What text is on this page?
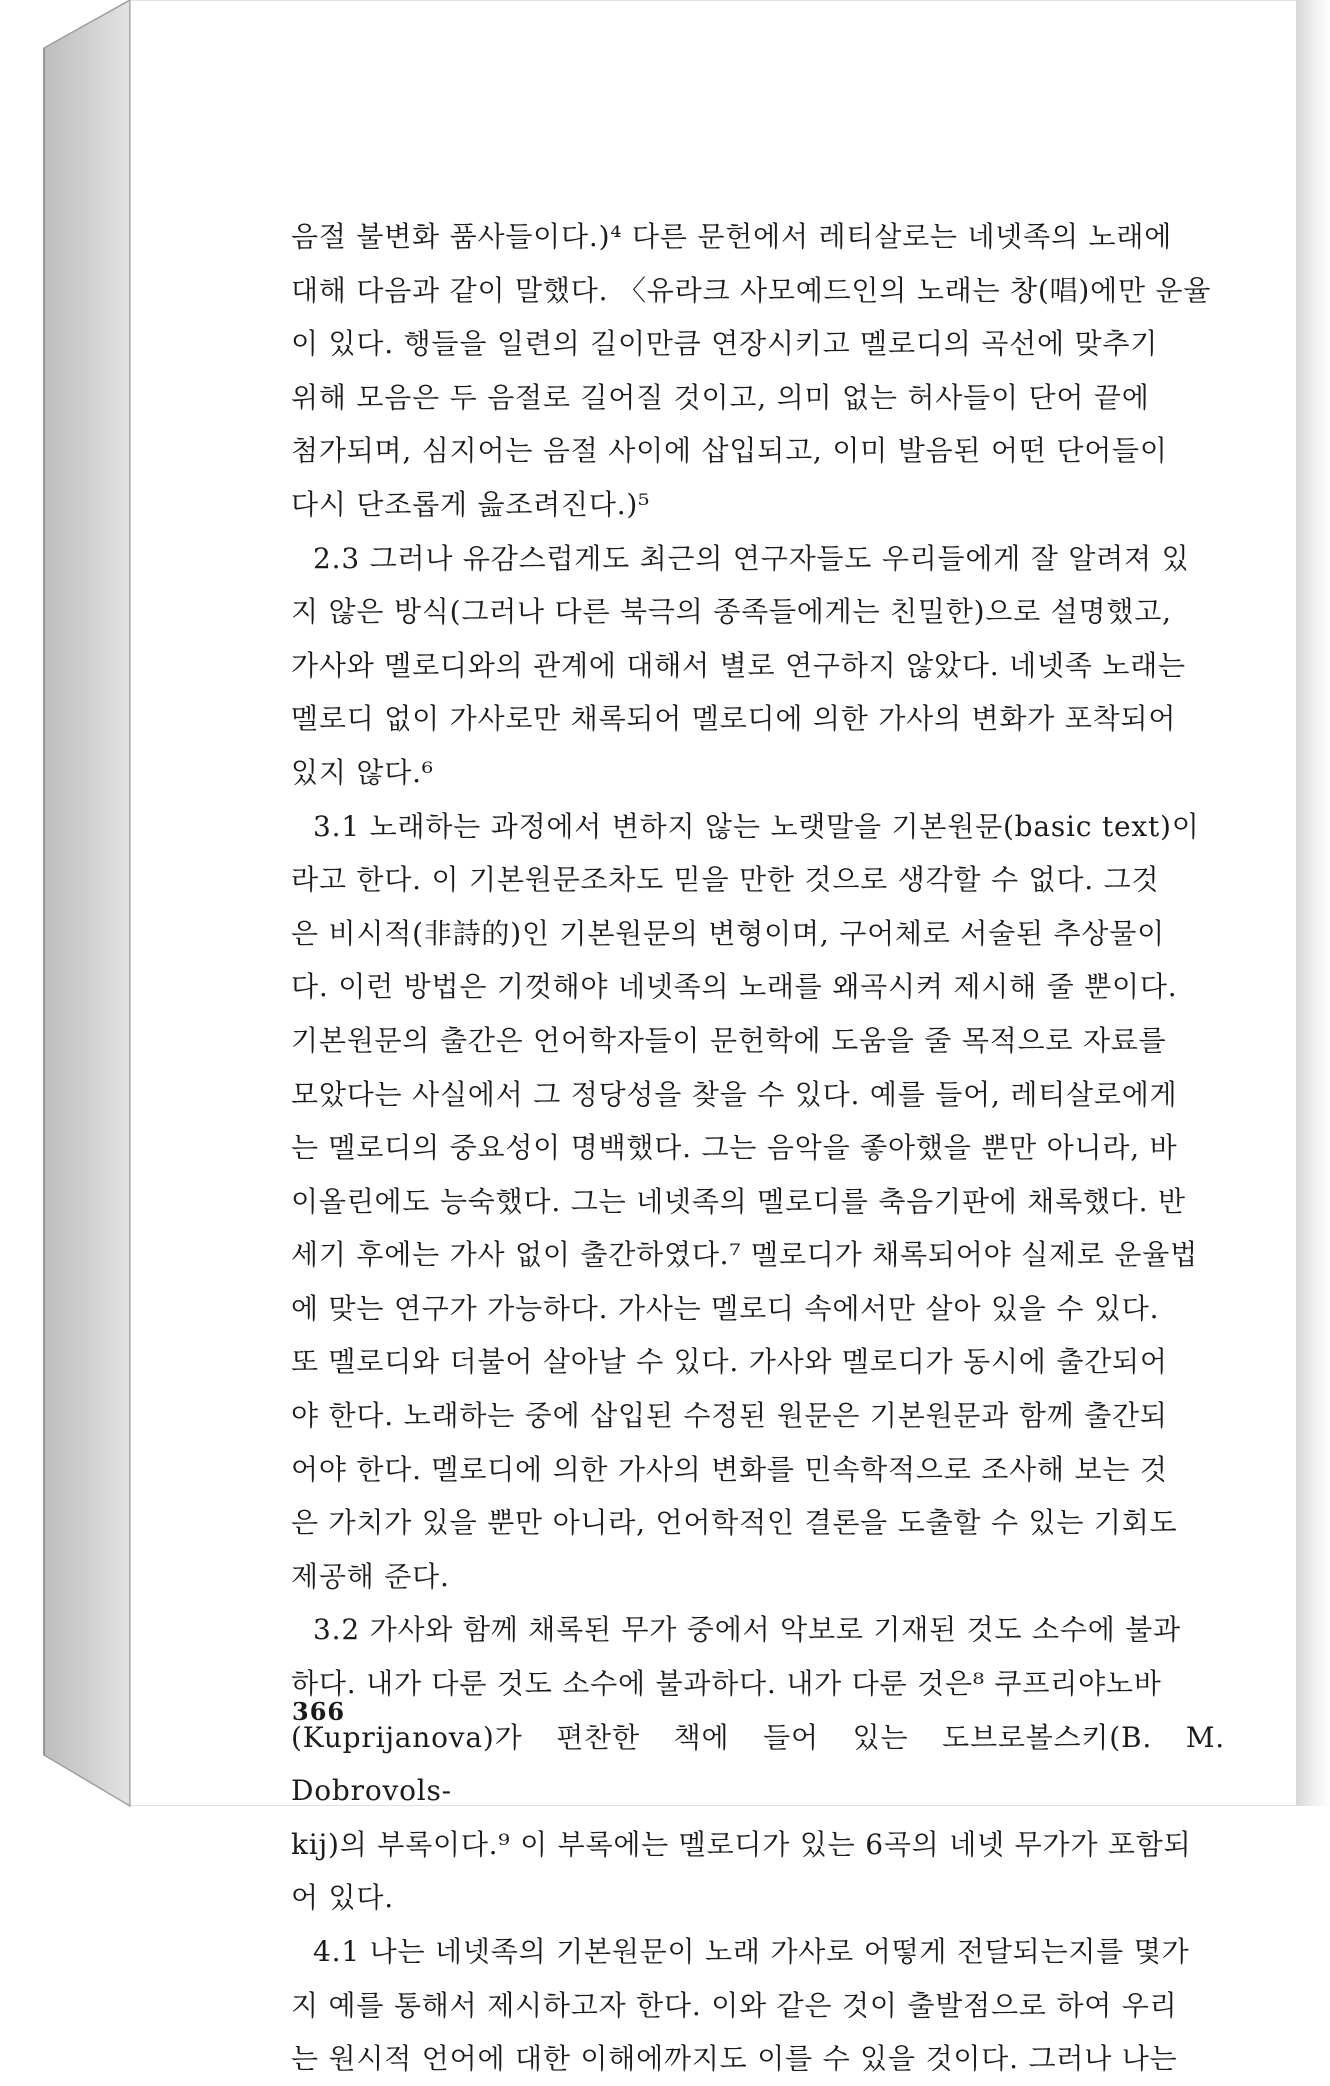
음절 불변화 품사들이다.)⁴ 다른 문헌에서 레티살로는 네넷족의 노래에
대해 다음과 같이 말했다. 〈유라크 사모예드인의 노래는 창(唱)에만 운율
이 있다. 행들을 일련의 길이만큼 연장시키고 멜로디의 곡선에 맞추기
위해 모음은 두 음절로 길어질 것이고, 의미 없는 허사들이 단어 끝에
첨가되며, 심지어는 음절 사이에 삽입되고, 이미 발음된 어떤 단어들이
다시 단조롭게 읊조려진다.)⁵

2.3 그러나 유감스럽게도 최근의 연구자들도 우리들에게 잘 알려져 있
지 않은 방식(그러나 다른 북극의 종족들에게는 친밀한)으로 설명했고,
가사와 멜로디와의 관계에 대해서 별로 연구하지 않았다. 네넷족 노래는
멜로디 없이 가사로만 채록되어 멜로디에 의한 가사의 변화가 포착되어
있지 않다.⁶

3.1 노래하는 과정에서 변하지 않는 노랫말을 기본원문(basic text)이
라고 한다. 이 기본원문조차도 믿을 만한 것으로 생각할 수 없다. 그것
은 비시적(非詩的)인 기본원문의 변형이며, 구어체로 서술된 추상물이
다. 이런 방법은 기껏해야 네넷족의 노래를 왜곡시켜 제시해 줄 뿐이다.
기본원문의 출간은 언어학자들이 문헌학에 도움을 줄 목적으로 자료를
모았다는 사실에서 그 정당성을 찾을 수 있다. 예를 들어, 레티살로에게
는 멜로디의 중요성이 명백했다. 그는 음악을 좋아했을 뿐만 아니라, 바
이올린에도 능숙했다. 그는 네넷족의 멜로디를 축음기판에 채록했다. 반
세기 후에는 가사 없이 출간하였다.⁷ 멜로디가 채록되어야 실제로 운율법
에 맞는 연구가 가능하다. 가사는 멜로디 속에서만 살아 있을 수 있다.
또 멜로디와 더불어 살아날 수 있다. 가사와 멜로디가 동시에 출간되어
야 한다. 노래하는 중에 삽입된 수정된 원문은 기본원문과 함께 출간되
어야 한다. 멜로디에 의한 가사의 변화를 민속학적으로 조사해 보는 것
은 가치가 있을 뿐만 아니라, 언어학적인 결론을 도출할 수 있는 기회도
제공해 준다.

3.2 가사와 함께 채록된 무가 중에서 악보로 기재된 것도 소수에 불과
하다. 내가 다룬 것도 소수에 불과하다. 내가 다룬 것은⁸ 쿠프리야노바
(Kuprijanova)가 편찬한 책에 들어 있는 도브로볼스키(B. M. Dobrovols-
kij)의 부록이다.⁹ 이 부록에는 멜로디가 있는 6곡의 네넷 무가가 포함되
어 있다.

4.1 나는 네넷족의 기본원문이 노래 가사로 어떻게 전달되는지를 몇가
지 예를 통해서 제시하고자 한다. 이와 같은 것이 출발점으로 하여 우리
는 원시적 언어에 대한 이해에까지도 이를 수 있을 것이다. 그러나 나는

366
